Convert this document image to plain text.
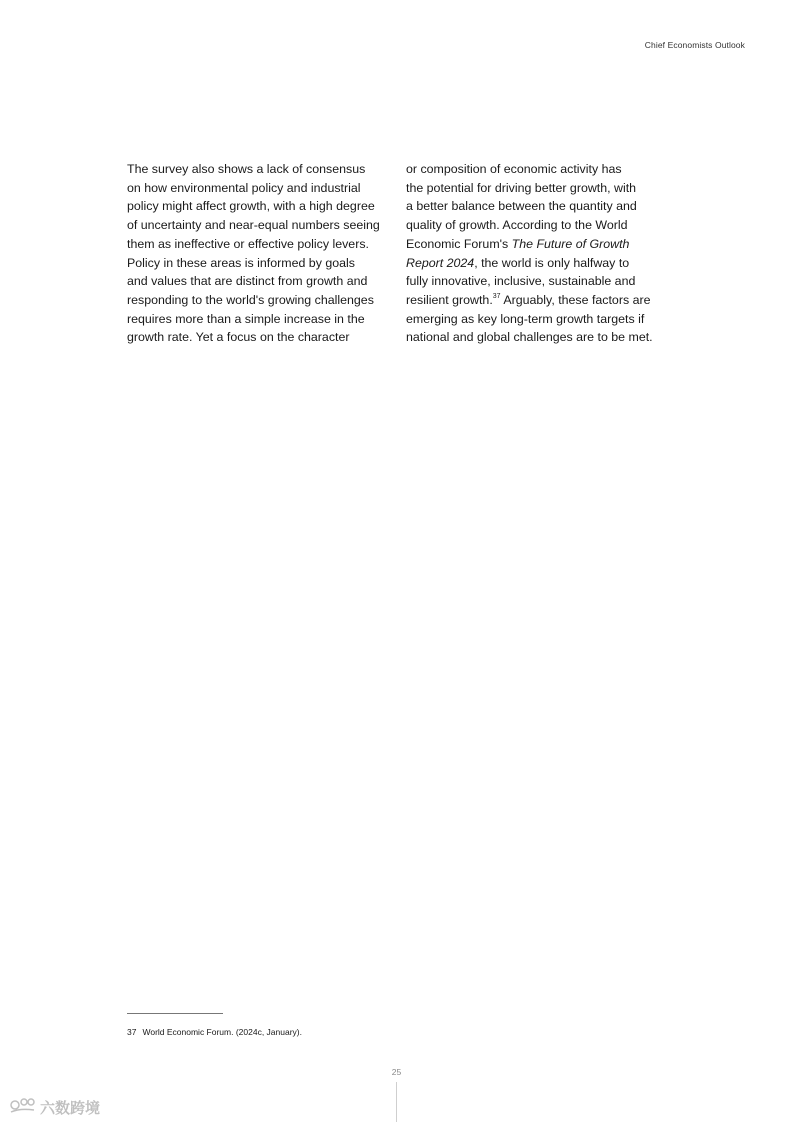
Chief Economists Outlook
The survey also shows a lack of consensus
on how environmental policy and industrial
policy might affect growth, with a high degree
of uncertainty and near-equal numbers seeing
them as ineffective or effective policy levers.
Policy in these areas is informed by goals
and values that are distinct from growth and
responding to the world's growing challenges
requires more than a simple increase in the
growth rate. Yet a focus on the character
or composition of economic activity has
the potential for driving better growth, with
a better balance between the quantity and
quality of growth. According to the World
Economic Forum's The Future of Growth
Report 2024, the world is only halfway to
fully innovative, inclusive, sustainable and
resilient growth.$^{37}$ Arguably, these factors are
emerging as key long-term growth targets if
national and global challenges are to be met.
37 World Economic Forum. (2024c, January).
25
六数跨境
